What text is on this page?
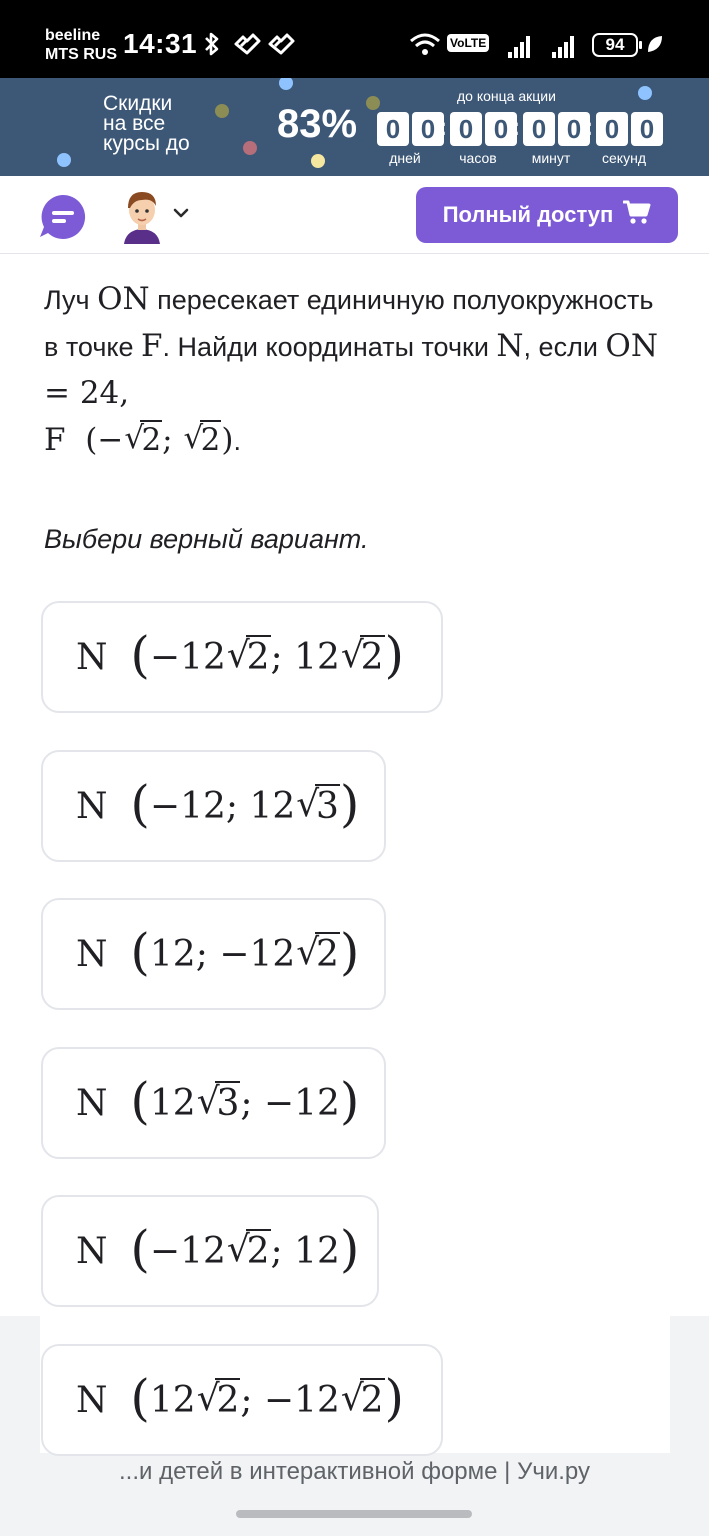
beeline
MTS RUS 14:31	VoLTE	94
Скидки
на все
курсы до 83%
до конца акции
0 0 : 0 0 : 0 0 : 0 0
дней	часов	минут	секунд
Полный доступ
Луч ON пересекает единичную полуокружность в точке F. Найди координаты точки N, если ON = 24,
F (− √
2; √
2).
Выбери верный вариант.
N
( −12 √
2 ; 12 √
2 )
N
( −12 ; 12 √
3 )
N
( 12 ; −12 √
2 )
N
( 12 √
3 ; −12 )
N
( −12 √
2 ; 12 )
N
( 12 √
2 ; −12 √
2 )
...и детей в интерактивной форме | Учи.ру
